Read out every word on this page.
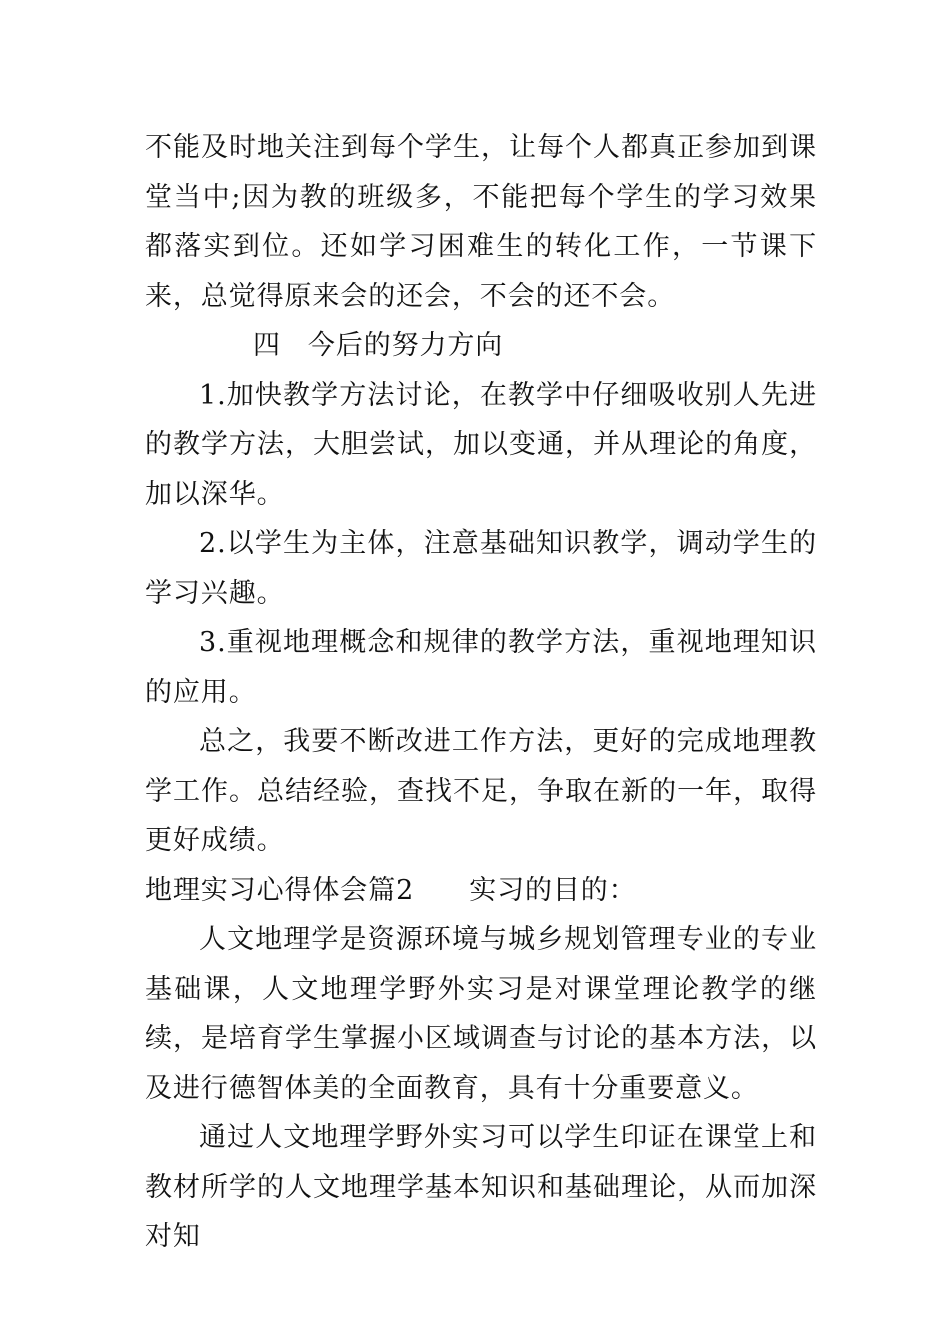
不能及时地关注到每个学生，让每个人都真正参加到课堂当中;因为教的班级多，不能把每个学生的学习效果都落实到位。还如学习困难生的转化工作，一节课下来，总觉得原来会的还会，不会的还不会。

四 今后的努力方向

1.加快教学方法讨论，在教学中仔细吸收别人先进的教学方法，大胆尝试，加以变通，并从理论的角度，加以深华。

2.以学生为主体，注意基础知识教学，调动学生的学习兴趣。

3.重视地理概念和规律的教学方法，重视地理知识的应用。

总之，我要不断改进工作方法，更好的完成地理教学工作。总结经验，查找不足，争取在新的一年，取得更好成绩。

地理实习心得体会篇2 实习的目的：

人文地理学是资源环境与城乡规划管理专业的专业基础课，人文地理学野外实习是对课堂理论教学的继续，是培育学生掌握小区域调查与讨论的基本方法，以及进行德智体美的全面教育，具有十分重要意义。

通过人文地理学野外实习可以学生印证在课堂上和教材所学的人文地理学基本知识和基础理论，从而加深对知
